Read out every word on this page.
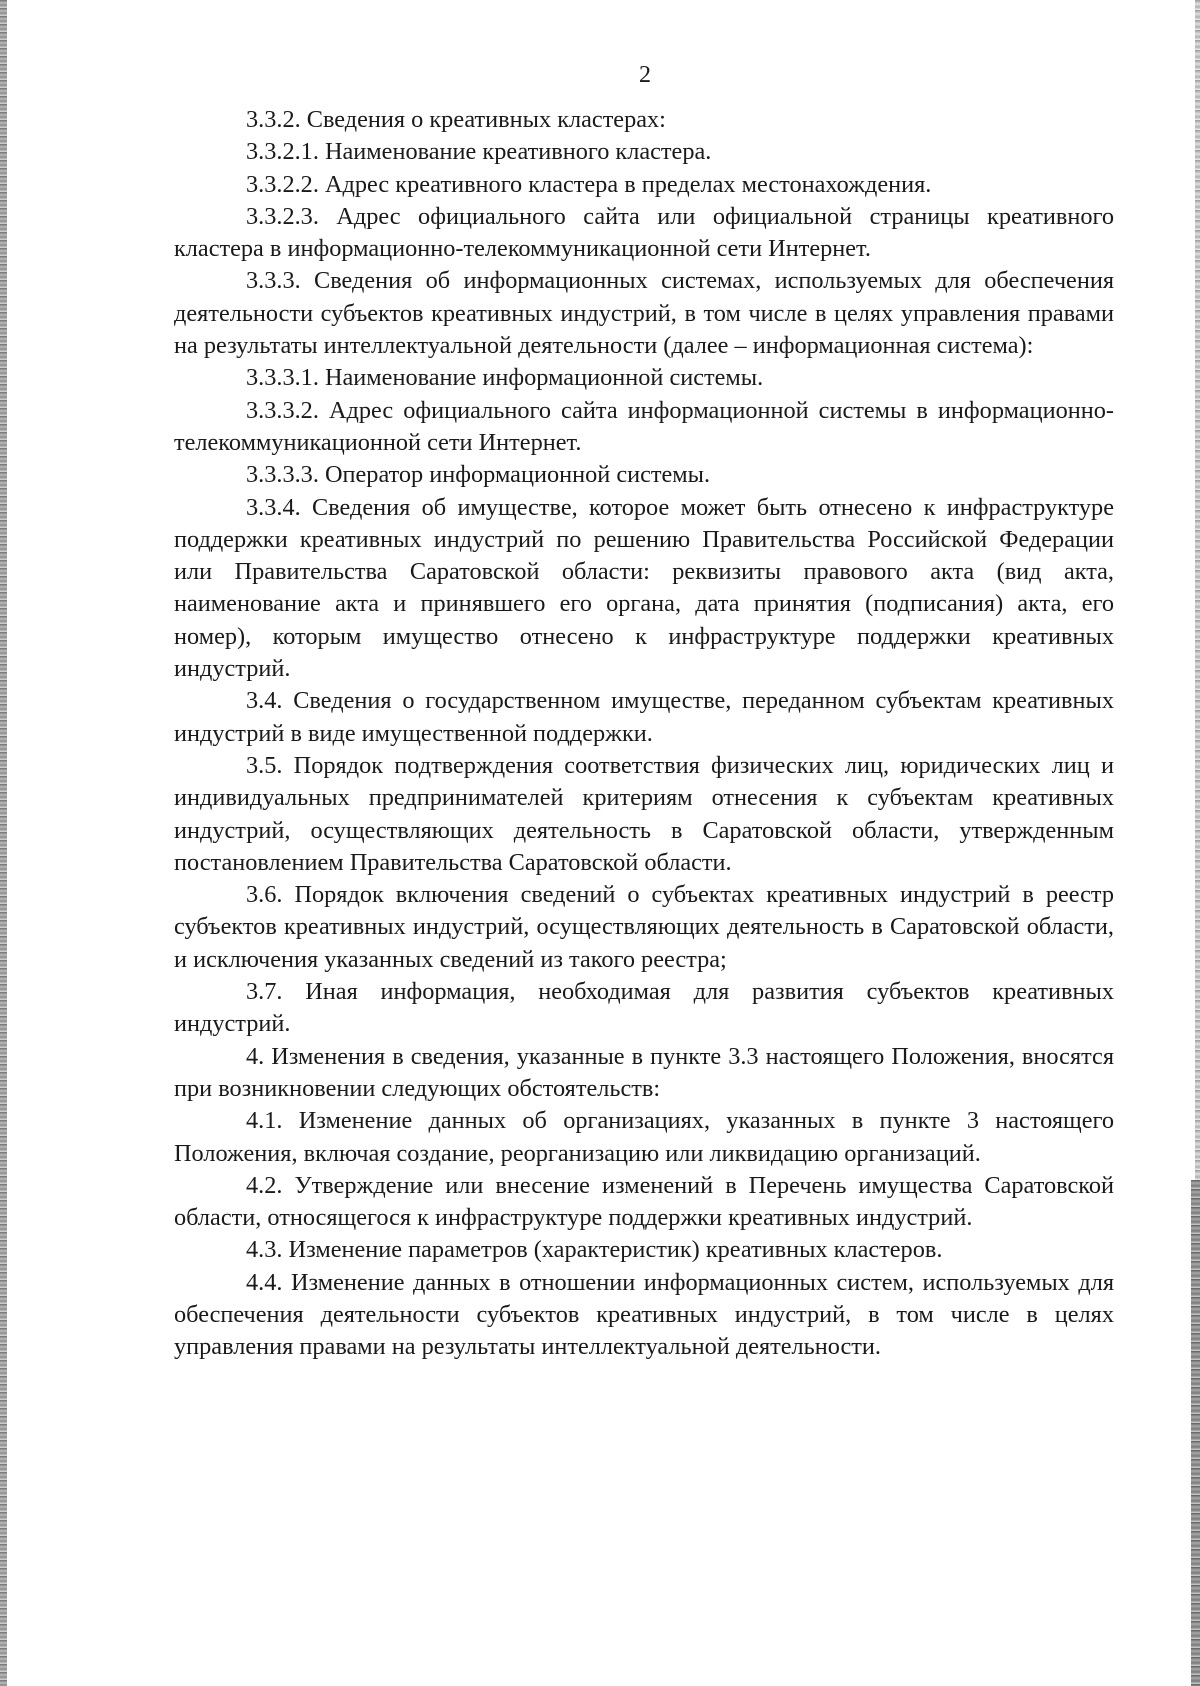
2

3.3.2. Сведения о креативных кластерах:

3.3.2.1. Наименование креативного кластера.

3.3.2.2. Адрес креативного кластера в пределах местонахождения.

3.3.2.3. Адрес официального сайта или официальной страницы креативного кластера в информационно-телекоммуникационной сети Интернет.

3.3.3. Сведения об информационных системах, используемых для обеспечения деятельности субъектов креативных индустрий, в том числе в целях управления правами на результаты интеллектуальной деятельности (далее – информационная система):

3.3.3.1. Наименование информационной системы.

3.3.3.2. Адрес официального сайта информационной системы в информационно-телекоммуникационной сети Интернет.

3.3.3.3. Оператор информационной системы.

3.3.4. Сведения об имуществе, которое может быть отнесено к инфраструктуре поддержки креативных индустрий по решению Правительства Российской Федерации или Правительства Саратовской области: реквизиты правового акта (вид акта, наименование акта и принявшего его органа, дата принятия (подписания) акта, его номер), которым имущество отнесено к инфраструктуре поддержки креативных индустрий.

3.4. Сведения о государственном имуществе, переданном субъектам креативных индустрий в виде имущественной поддержки.

3.5. Порядок подтверждения соответствия физических лиц, юридических лиц и индивидуальных предпринимателей критериям отнесения к субъектам креативных индустрий, осуществляющих деятельность в Саратовской области, утвержденным постановлением Правительства Саратовской области.

3.6. Порядок включения сведений о субъектах креативных индустрий в реестр субъектов креативных индустрий, осуществляющих деятельность в Саратовской области, и исключения указанных сведений из такого реестра;

3.7. Иная информация, необходимая для развития субъектов креативных индустрий.

4. Изменения в сведения, указанные в пункте 3.3 настоящего Положения, вносятся при возникновении следующих обстоятельств:

4.1. Изменение данных об организациях, указанных в пункте 3 настоящего Положения, включая создание, реорганизацию или ликвидацию организаций.

4.2. Утверждение или внесение изменений в Перечень имущества Саратовской области, относящегося к инфраструктуре поддержки креативных индустрий.

4.3. Изменение параметров (характеристик) креативных кластеров.

4.4. Изменение данных в отношении информационных систем, используемых для обеспечения деятельности субъектов креативных индустрий, в том числе в целях управления правами на результаты интеллектуальной деятельности.
